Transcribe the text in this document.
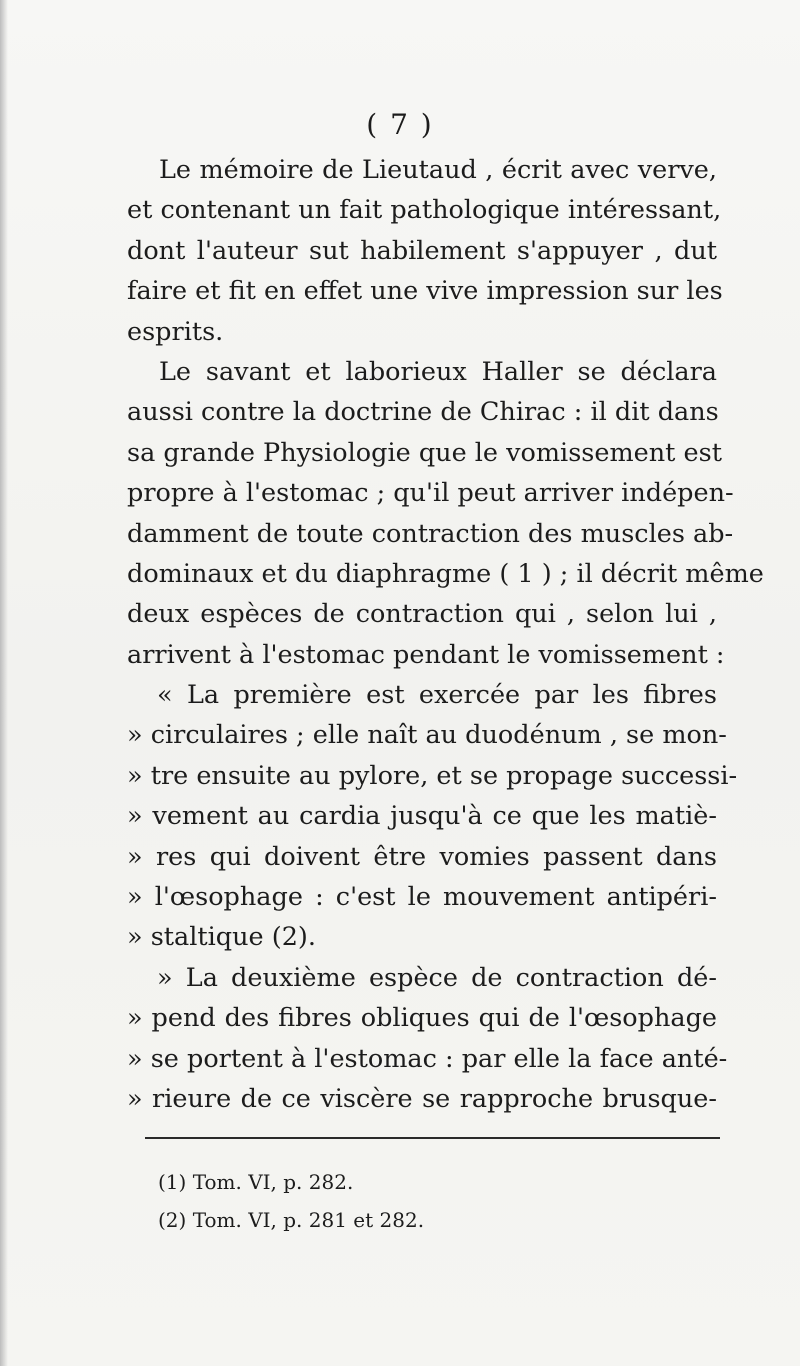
( 7 )
Le mémoire de Lieutaud , écrit avec verve,
et contenant un fait pathologique intéressant,
dont l'auteur sut habilement s'appuyer , dut
faire et fit en effet une vive impression sur les
esprits.
Le savant et laborieux Haller se déclara
aussi contre la doctrine de Chirac : il dit dans
sa grande Physiologie que le vomissement est
propre à l'estomac ; qu'il peut arriver indépen-
damment de toute contraction des muscles ab-
dominaux et du diaphragme ( 1 ) ; il décrit même
deux espèces de contraction qui , selon lui ,
arrivent à l'estomac pendant le vomissement :
« La première est exercée par les fibres
» circulaires ; elle naît au duodénum , se mon-
» tre ensuite au pylore, et se propage successi-
» vement au cardia jusqu'à ce que les matiè-
» res qui doivent être vomies passent dans
» l'œsophage : c'est le mouvement antipéri-
» staltique (2).
» La deuxième espèce de contraction dé-
» pend des fibres obliques qui de l'œsophage
» se portent à l'estomac : par elle la face anté-
» rieure de ce viscère se rapproche brusque-
(1) Tom. VI, p. 282.
(2) Tom. VI, p. 281 et 282.
